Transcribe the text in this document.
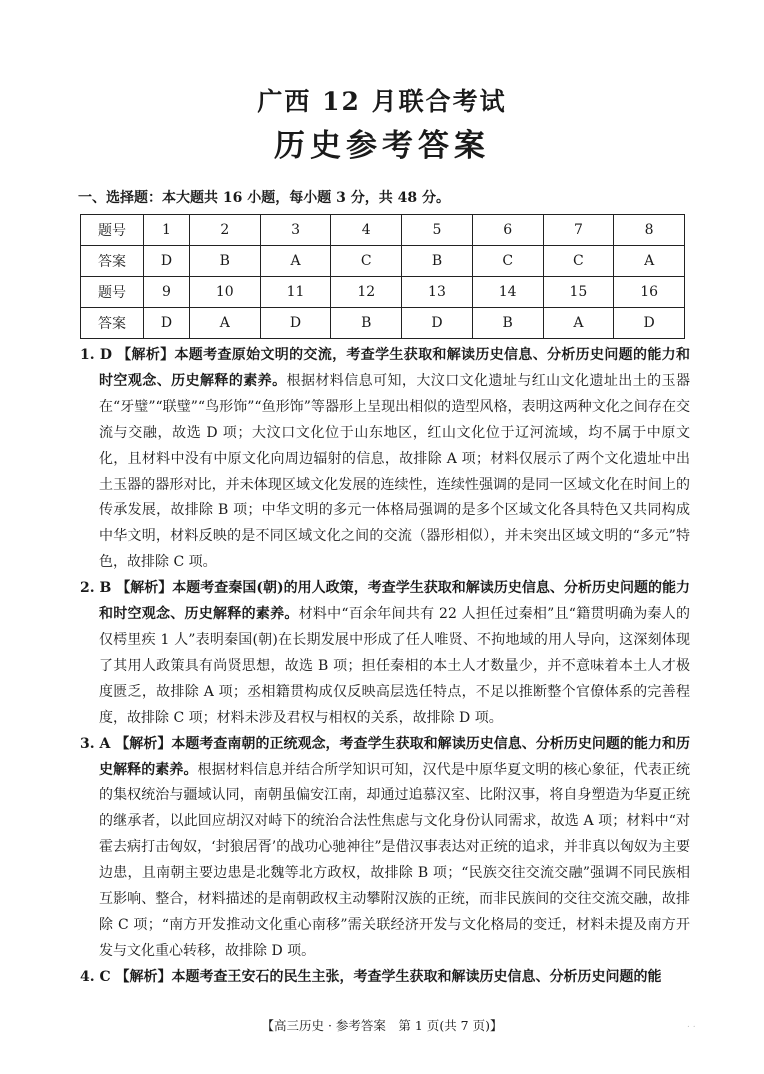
广西 12 月联合考试
历史参考答案
一、选择题：本大题共 16 小题，每小题 3 分，共 48 分。
题号	1	2	3	4	5	6	7	8
答案	D	B	A	C	B	C	C	A
题号	9	10	11	12	13	14	15	16
答案	D	A	D	B	D	B	A	D

1. D 【解析】本题考查原始文明的交流，考查学生获取和解读历史信息、分析历史问题的能力和时空观念、历史解释的素养。根据材料信息可知，大汶口文化遗址与红山文化遗址出土的玉器在“牙璧”“联璧”“鸟形饰”“鱼形饰”等器形上呈现出相似的造型风格，表明这两种文化之间存在交流与交融，故选 D 项；大汶口文化位于山东地区，红山文化位于辽河流域，均不属于中原文化，且材料中没有中原文化向周边辐射的信息，故排除 A 项；材料仅展示了两个文化遗址中出土玉器的器形对比，并未体现区域文化发展的连续性，连续性强调的是同一区域文化在时间上的传承发展，故排除 B 项；中华文明的多元一体格局强调的是多个区域文化各具特色又共同构成中华文明，材料反映的是不同区域文化之间的交流（器形相似），并未突出区域文明的“多元”特色，故排除 C 项。

2. B 【解析】本题考查秦国(朝)的用人政策，考查学生获取和解读历史信息、分析历史问题的能力和时空观念、历史解释的素养。材料中“百余年间共有 22 人担任过秦相”且“籍贯明确为秦人的仅樗里疾 1 人”表明秦国(朝)在长期发展中形成了任人唯贤、不拘地域的用人导向，这深刻体现了其用人政策具有尚贤思想，故选 B 项；担任秦相的本土人才数量少，并不意味着本土人才极度匮乏，故排除 A 项；丞相籍贯构成仅反映高层选任特点，不足以推断整个官僚体系的完善程度，故排除 C 项；材料未涉及君权与相权的关系，故排除 D 项。

3. A 【解析】本题考查南朝的正统观念，考查学生获取和解读历史信息、分析历史问题的能力和历史解释的素养。根据材料信息并结合所学知识可知，汉代是中原华夏文明的核心象征，代表正统的集权统治与疆域认同，南朝虽偏安江南，却通过追慕汉室、比附汉事，将自身塑造为华夏正统的继承者，以此回应胡汉对峙下的统治合法性焦虑与文化身份认同需求，故选 A 项；材料中“对霍去病打击匈奴，‘封狼居胥’的战功心驰神往”是借汉事表达对正统的追求，并非真以匈奴为主要边患，且南朝主要边患是北魏等北方政权，故排除 B 项；“民族交往交流交融”强调不同民族相互影响、整合，材料描述的是南朝政权主动攀附汉族的正统，而非民族间的交往交流交融，故排除 C 项；“南方开发推动文化重心南移”需关联经济开发与文化格局的变迁，材料未提及南方开发与文化重心转移，故排除 D 项。

4. C 【解析】本题考查王安石的民生主张，考查学生获取和解读历史信息、分析历史问题的能

【高三历史 · 参考答案　第 1 页(共 7 页)】	. .
